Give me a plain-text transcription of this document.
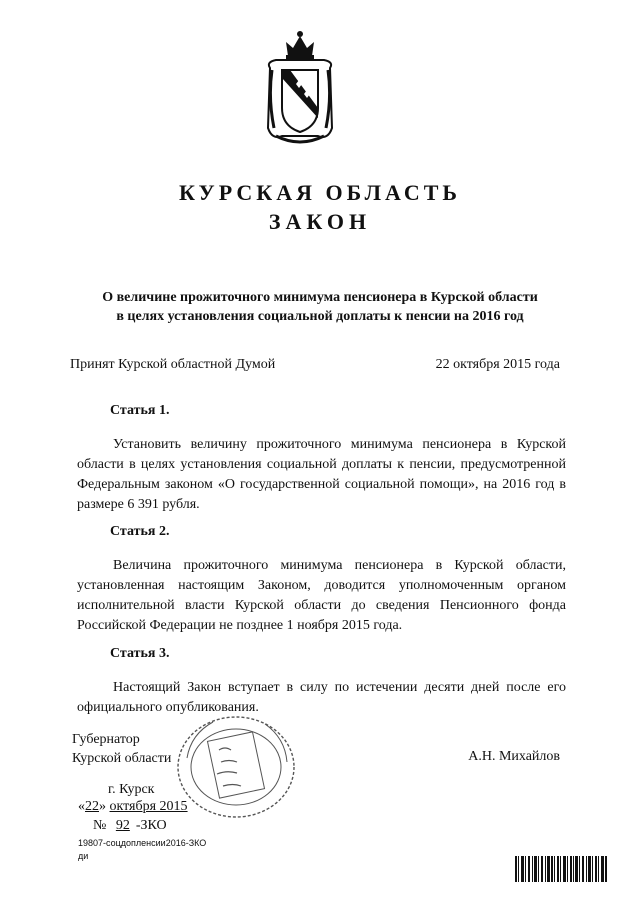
КУРСКАЯ ОБЛАСТЬ
ЗАКОН
О величине прожиточного минимума пенсионера в Курской области
в целях установления социальной доплаты к пенсии на 2016 год
Принят Курской областной Думой	22 октября 2015 года
Статья 1.
Установить величину прожиточного минимума пенсионера в Курской области в целях установления социальной доплаты к пенсии, предусмотренной Федеральным законом «О государственной социальной помощи», на 2016 год в размере 6 391 рубля.
Статья 2.
Величина прожиточного минимума пенсионера в Курской области, установленная настоящим Законом, доводится уполномоченным органом исполнительной власти Курской области до сведения Пенсионного фонда Российской Федерации не позднее 1 ноября 2015 года.
Статья 3.
Настоящий Закон вступает в силу по истечении десяти дней после его официального опубликования.
Губернатор
Курской области	А.Н. Михайлов
г. Курск
«22» октября 2015
№ 92 -ЗКО
19807-соцдопленсии2016-ЗКО
ди
